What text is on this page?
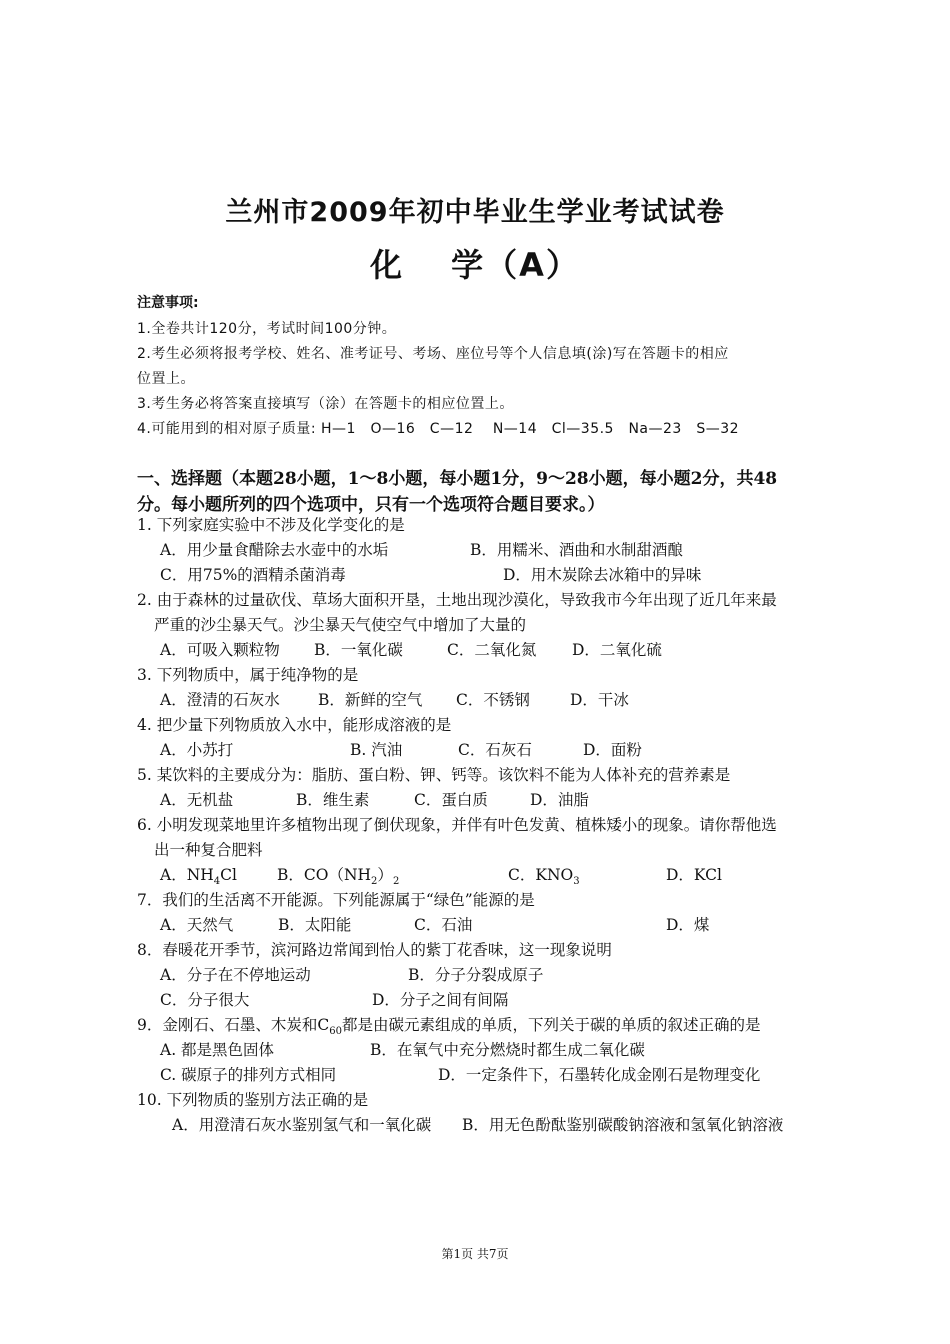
兰州市2009年初中毕业生学业考试试卷
化　 学（A）
注意事项:
1.全卷共计120分，考试时间100分钟。
2.考生必须将报考学校、姓名、准考证号、考场、座位号等个人信息填(涂)写在答题卡的相应
位置上。
3.考生务必将答案直接填写（涂）在答题卡的相应位置上。
4.可能用到的相对原子质量: H—1　O—16　C—12　 N—14　Cl—35.5　Na—23　S—32
一、选择题（本题28小题，1～8小题，每小题1分，9～28小题，每小题2分，共48
分。每小题所列的四个选项中，只有一个选项符合题目要求。）
1. 下列家庭实验中不涉及化学变化的是
A．用少量食醋除去水壶中的水垢	B．用糯米、酒曲和水制甜酒酿
C．用75%的酒精杀菌消毒	D．用木炭除去冰箱中的异味
2. 由于森林的过量砍伐、草场大面积开垦，土地出现沙漠化，导致我市今年出现了近几年来最
严重的沙尘暴天气。沙尘暴天气使空气中增加了大量的
A．可吸入颗粒物 B．一氧化碳	C．二氧化氮 D．二氧化硫
3. 下列物质中，属于纯净物的是
A．澄清的石灰水 B．新鲜的空气 C．不锈钢	D．干冰
4. 把少量下列物质放入水中，能形成溶液的是
A．小苏打	B. 汽油	C．石灰石	D．面粉
5. 某饮料的主要成分为：脂肪、蛋白粉、钾、钙等。该饮料不能为人体补充的营养素是
A．无机盐	B．维生素	C．蛋白质	D．油脂
6. 小明发现菜地里许多植物出现了倒伏现象，并伴有叶色发黄、植株矮小的现象。请你帮他选
出一种复合肥料
A．$NH_4Cl$	B．$CO(NH_2)_2$	C．$KNO_3$	D．KCl
7．我们的生活离不开能源。下列能源属于“绿色”能源的是
A．天然气	B．太阳能	C．石油	D．煤
8．春暖花开季节，滨河路边常闻到怡人的紫丁花香味，这一现象说明
A．分子在不停地运动	B．分子分裂成原子
C．分子很大	D．分子之间有间隔
9．金刚石、石墨、木炭和$C_{60}$都是由碳元素组成的单质，下列关于碳的单质的叙述正确的是
A. 都是黑色固体	B．在氧气中充分燃烧时都生成二氧化碳
C. 碳原子的排列方式相同	D．一定条件下，石墨转化成金刚石是物理变化
10. 下列物质的鉴别方法正确的是
A．用澄清石灰水鉴别氢气和一氧化碳 B．用无色酚酞鉴别碳酸钠溶液和氢氧化钠溶液
第1页 共7页
